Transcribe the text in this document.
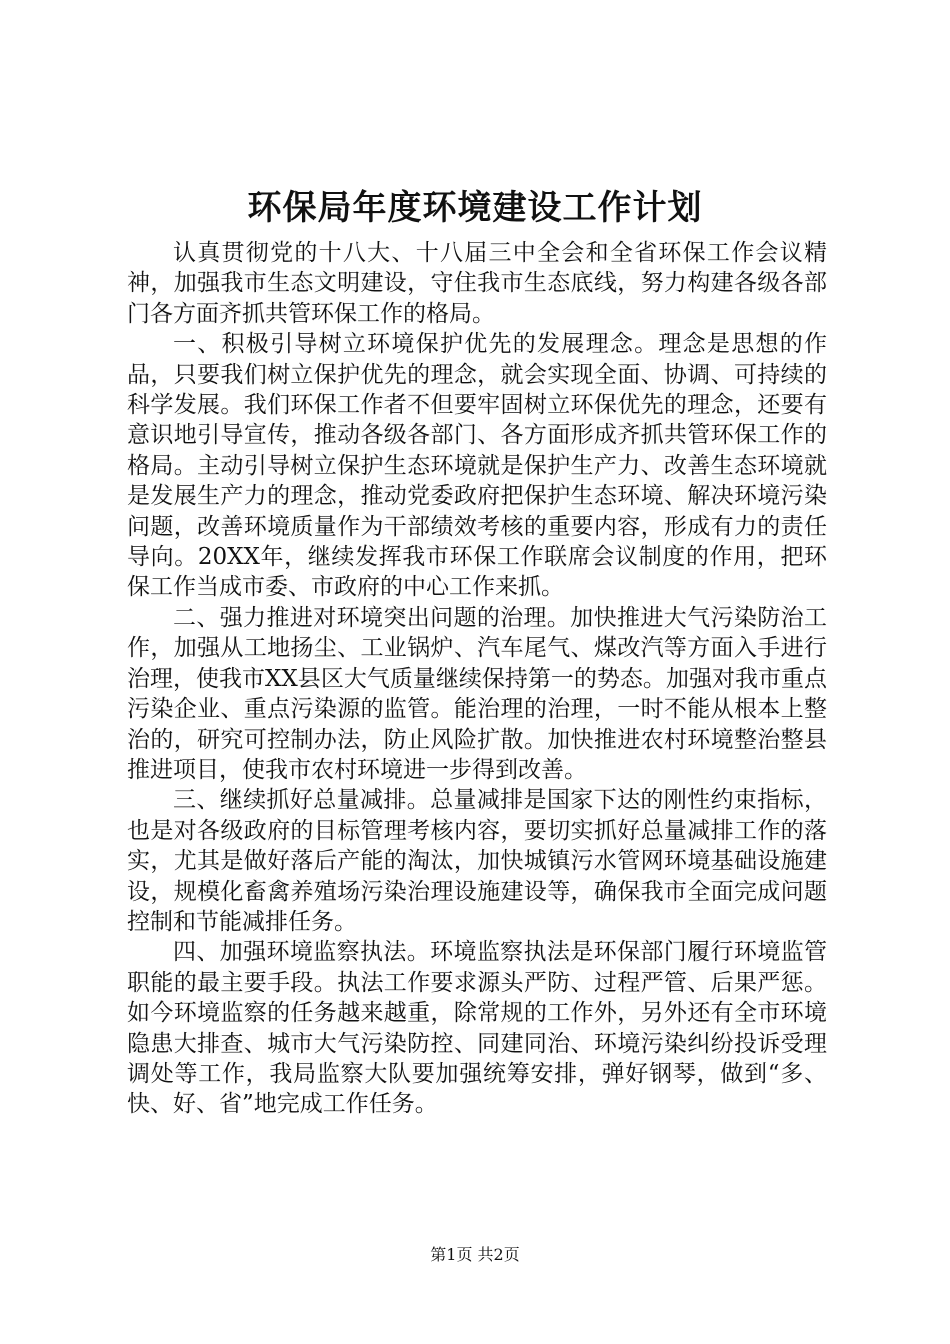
环保局年度环境建设工作计划

认真贯彻党的十八大、十八届三中全会和全省环保工作会议精神，加强我市生态文明建设，守住我市生态底线，努力构建各级各部门各方面齐抓共管环保工作的格局。

一、积极引导树立环境保护优先的发展理念。理念是思想的作品，只要我们树立保护优先的理念，就会实现全面、协调、可持续的科学发展。我们环保工作者不但要牢固树立环保优先的理念，还要有意识地引导宣传，推动各级各部门、各方面形成齐抓共管环保工作的格局。主动引导树立保护生态环境就是保护生产力、改善生态环境就是发展生产力的理念，推动党委政府把保护生态环境、解决环境污染问题，改善环境质量作为干部绩效考核的重要内容，形成有力的责任导向。20XX年，继续发挥我市环保工作联席会议制度的作用，把环保工作当成市委、市政府的中心工作来抓。

二、强力推进对环境突出问题的治理。加快推进大气污染防治工作，加强从工地扬尘、工业锅炉、汽车尾气、煤改汽等方面入手进行治理，使我市XX县区大气质量继续保持第一的势态。加强对我市重点污染企业、重点污染源的监管。能治理的治理，一时不能从根本上整治的，研究可控制办法，防止风险扩散。加快推进农村环境整治整县推进项目，使我市农村环境进一步得到改善。

三、继续抓好总量减排。总量减排是国家下达的刚性约束指标，也是对各级政府的目标管理考核内容，要切实抓好总量减排工作的落实，尤其是做好落后产能的淘汰，加快城镇污水管网环境基础设施建设，规模化畜禽养殖场污染治理设施建设等，确保我市全面完成问题控制和节能减排任务。

四、加强环境监察执法。环境监察执法是环保部门履行环境监管职能的最主要手段。执法工作要求源头严防、过程严管、后果严惩。如今环境监察的任务越来越重，除常规的工作外，另外还有全市环境隐患大排查、城市大气污染防控、同建同治、环境污染纠纷投诉受理调处等工作，我局监察大队要加强统筹安排，弹好钢琴，做到“多、快、好、省”地完成工作任务。

第1页 共2页
